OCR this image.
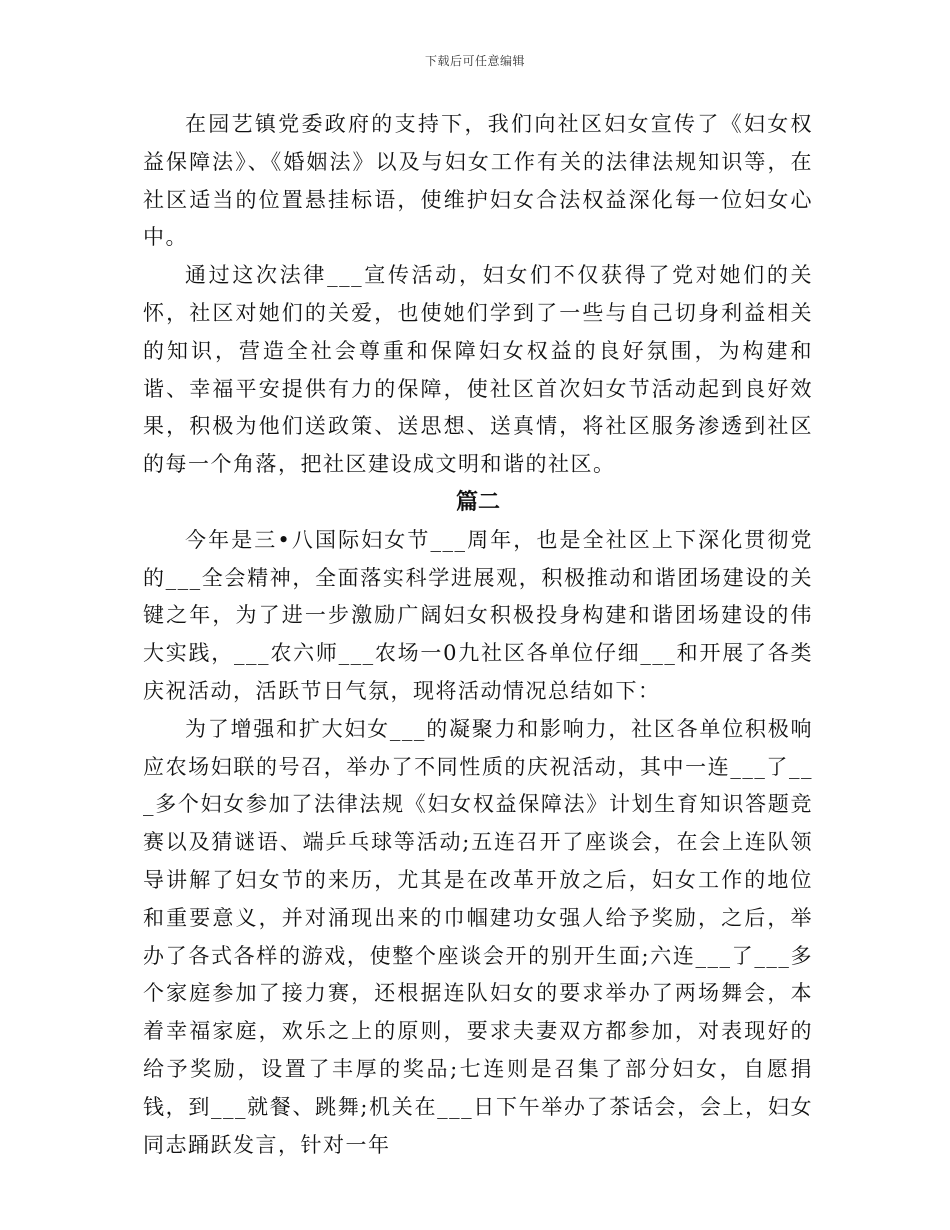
下载后可任意编辑

在园艺镇党委政府的支持下，我们向社区妇女宣传了《妇女权益保障法》、《婚姻法》以及与妇女工作有关的法律法规知识等，在社区适当的位置悬挂标语，使维护妇女合法权益深化每一位妇女心中。

通过这次法律___宣传活动，妇女们不仅获得了党对她们的关怀，社区对她们的关爱，也使她们学到了一些与自己切身利益相关的知识，营造全社会尊重和保障妇女权益的良好氛围，为构建和谐、幸福平安提供有力的保障，使社区首次妇女节活动起到良好效果，积极为他们送政策、送思想、送真情，将社区服务渗透到社区的每一个角落，把社区建设成文明和谐的社区。

篇二

今年是三•八国际妇女节___周年，也是全社区上下深化贯彻党的___全会精神，全面落实科学进展观，积极推动和谐团场建设的关键之年，为了进一步激励广阔妇女积极投身构建和谐团场建设的伟大实践，___农六师___农场一0九社区各单位仔细___和开展了各类庆祝活动，活跃节日气氛，现将活动情况总结如下：

为了增强和扩大妇女___的凝聚力和影响力，社区各单位积极响应农场妇联的号召，举办了不同性质的庆祝活动，其中一连___了___多个妇女参加了法律法规《妇女权益保障法》计划生育知识答题竞赛以及猜谜语、端乒乓球等活动;五连召开了座谈会，在会上连队领导讲解了妇女节的来历，尤其是在改革开放之后，妇女工作的地位和重要意义，并对涌现出来的巾帼建功女强人给予奖励，之后，举办了各式各样的游戏，使整个座谈会开的别开生面;六连___了___多个家庭参加了接力赛，还根据连队妇女的要求举办了两场舞会，本着幸福家庭，欢乐之上的原则，要求夫妻双方都参加，对表现好的给予奖励，设置了丰厚的奖品;七连则是召集了部分妇女，自愿捐钱，到___就餐、跳舞;机关在___日下午举办了茶话会，会上，妇女同志踊跃发言，针对一年
